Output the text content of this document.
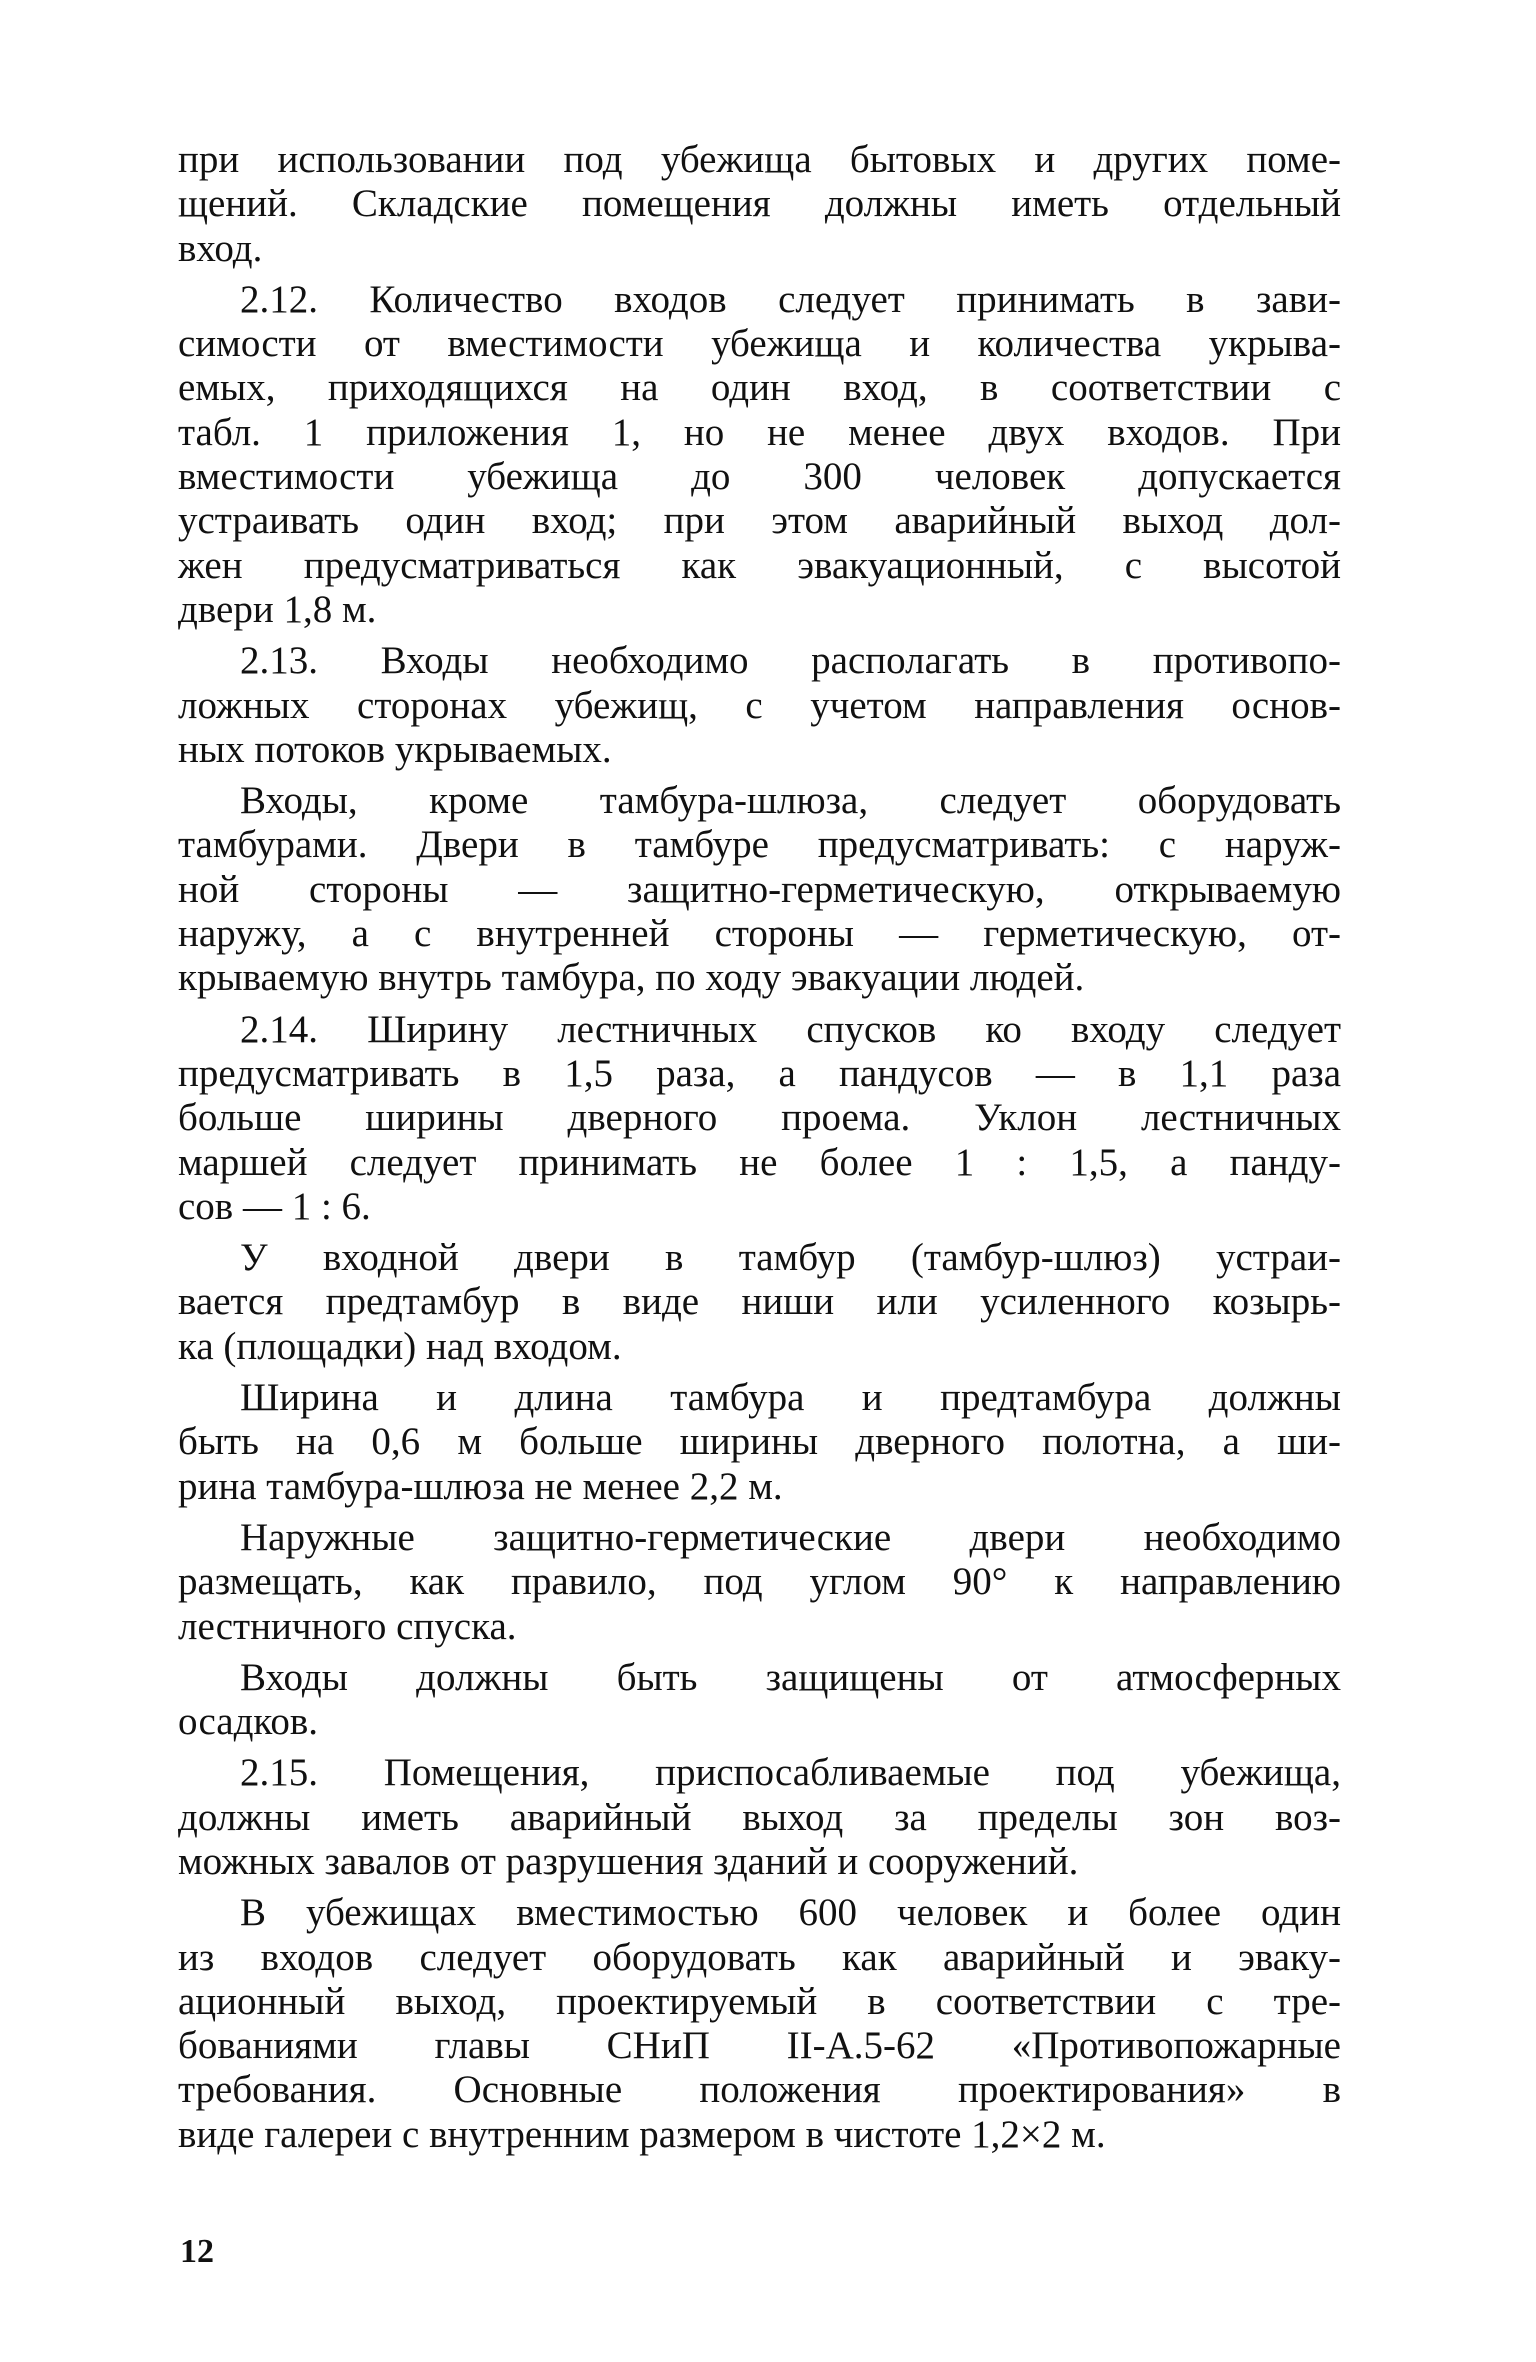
при использовании под убежища бытовых и других поме-
щений. Складские помещения должны иметь отдельный
вход.
2.12. Количество входов следует принимать в зави-
симости от вместимости убежища и количества укрыва-
емых, приходящихся на один вход, в соответствии с
табл. 1 приложения 1, но не менее двух входов. При
вместимости убежища до 300 человек допускается
устраивать один вход; при этом аварийный выход дол-
жен предусматриваться как эвакуационный, с высотой
двери 1,8 м.
2.13. Входы необходимо располагать в противопо-
ложных сторонах убежищ, с учетом направления основ-
ных потоков укрываемых.
Входы, кроме тамбура-шлюза, следует оборудовать
тамбурами. Двери в тамбуре предусматривать: с наруж-
ной стороны — защитно-герметическую, открываемую
наружу, а с внутренней стороны — герметическую, от-
крываемую внутрь тамбура, по ходу эвакуации людей.
2.14. Ширину лестничных спусков ко входу следует
предусматривать в 1,5 раза, а пандусов — в 1,1 раза
больше ширины дверного проема. Уклон лестничных
маршей следует принимать не более 1 : 1,5, а панду-
сов — 1 : 6.
У входной двери в тамбур (тамбур-шлюз) устраи-
вается предтамбур в виде ниши или усиленного козырь-
ка (площадки) над входом.
Ширина и длина тамбура и предтамбура должны
быть на 0,6 м больше ширины дверного полотна, а ши-
рина тамбура-шлюза не менее 2,2 м.
Наружные защитно-герметические двери необходимо
размещать, как правило, под углом 90° к направлению
лестничного спуска.
Входы должны быть защищены от атмосферных
осадков.
2.15. Помещения, приспосабливаемые под убежища,
должны иметь аварийный выход за пределы зон воз-
можных завалов от разрушения зданий и сооружений.
В убежищах вместимостью 600 человек и более один
из входов следует оборудовать как аварийный и эваку-
ационный выход, проектируемый в соответствии с тре-
бованиями главы СНиП II-А.5-62 «Противопожарные
требования. Основные положения проектирования» в
виде галереи с внутренним размером в чистоте 1,2×2 м.
12
